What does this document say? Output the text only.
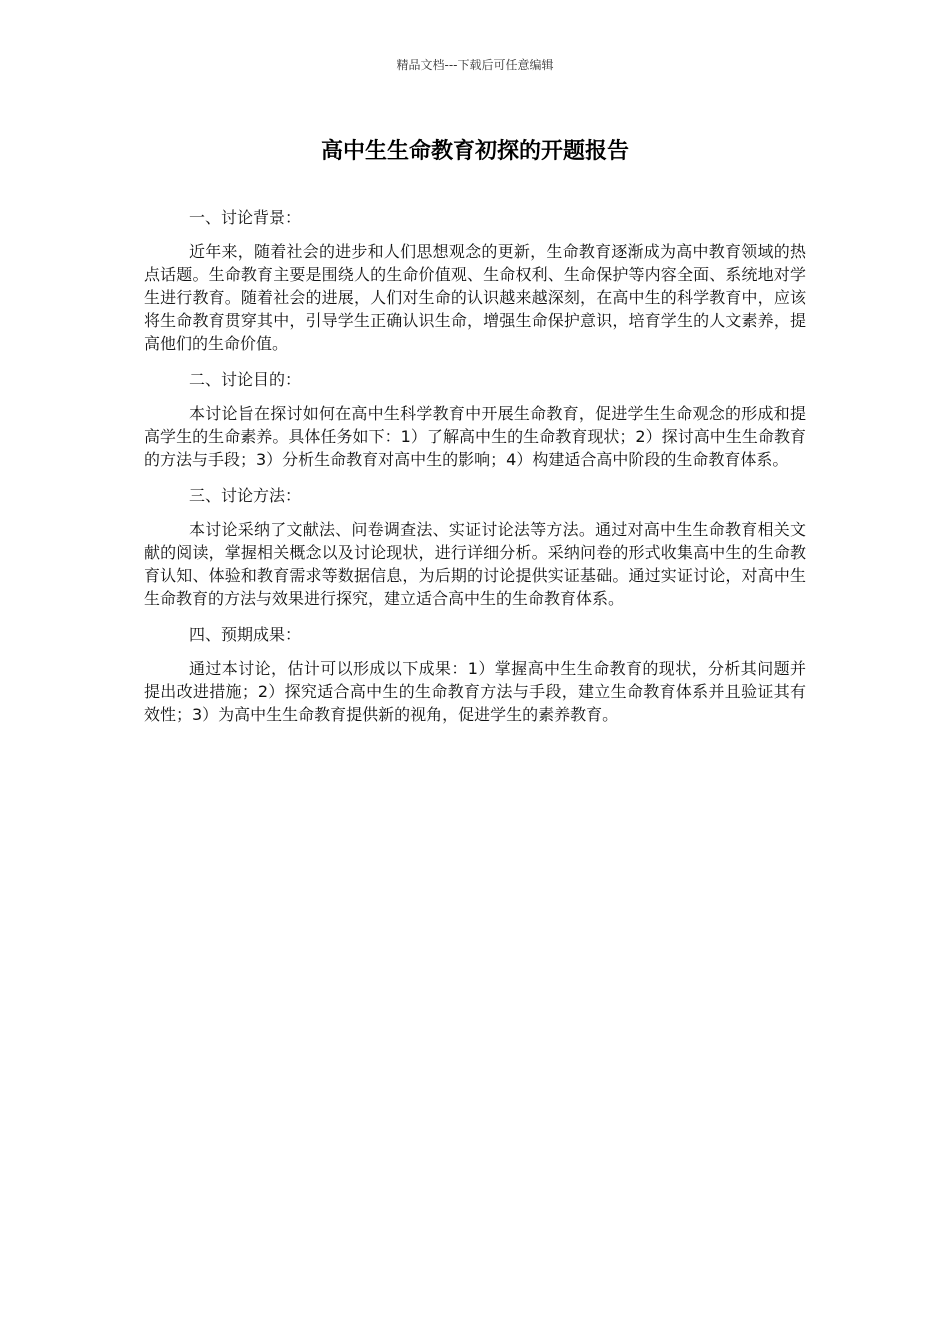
精品文档---下载后可任意编辑
高中生生命教育初探的开题报告

一、讨论背景：

近年来，随着社会的进步和人们思想观念的更新，生命教育逐渐成为高中教育领域的热点话题。生命教育主要是围绕人的生命价值观、生命权利、生命保护等内容全面、系统地对学生进行教育。随着社会的进展，人们对生命的认识越来越深刻，在高中生的科学教育中，应该将生命教育贯穿其中，引导学生正确认识生命，增强生命保护意识，培育学生的人文素养，提高他们的生命价值。

二、讨论目的：

本讨论旨在探讨如何在高中生科学教育中开展生命教育，促进学生生命观念的形成和提高学生的生命素养。具体任务如下：1）了解高中生的生命教育现状；2）探讨高中生生命教育的方法与手段；3）分析生命教育对高中生的影响；4）构建适合高中阶段的生命教育体系。

三、讨论方法：

本讨论采纳了文献法、问卷调查法、实证讨论法等方法。通过对高中生生命教育相关文献的阅读，掌握相关概念以及讨论现状，进行详细分析。采纳问卷的形式收集高中生的生命教育认知、体验和教育需求等数据信息，为后期的讨论提供实证基础。通过实证讨论，对高中生生命教育的方法与效果进行探究，建立适合高中生的生命教育体系。

四、预期成果：

通过本讨论，估计可以形成以下成果：1）掌握高中生生命教育的现状，分析其问题并提出改进措施；2）探究适合高中生的生命教育方法与手段，建立生命教育体系并且验证其有效性；3）为高中生生命教育提供新的视角，促进学生的素养教育。
